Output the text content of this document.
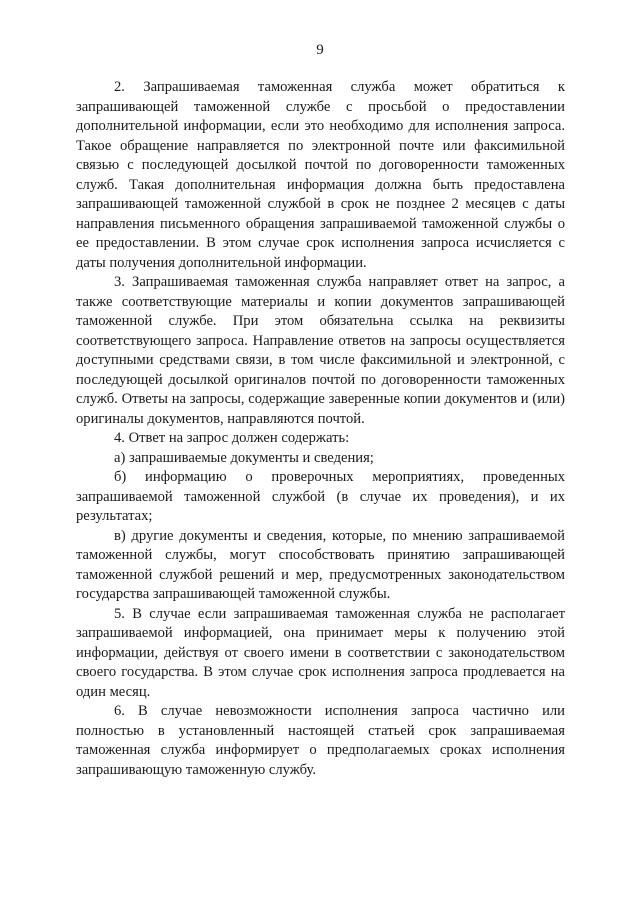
9

2. Запрашиваемая таможенная служба может обратиться к запрашивающей таможенной службе с просьбой о предоставлении дополнительной информации, если это необходимо для исполнения запроса. Такое обращение направляется по электронной почте или факсимильной связью с последующей досылкой почтой по договоренности таможенных служб. Такая дополнительная информация должна быть предоставлена запрашивающей таможенной службой в срок не позднее 2 месяцев с даты направления письменного обращения запрашиваемой таможенной службы о ее предоставлении. В этом случае срок исполнения запроса исчисляется с даты получения дополнительной информации.

3. Запрашиваемая таможенная служба направляет ответ на запрос, а также соответствующие материалы и копии документов запрашивающей таможенной службе. При этом обязательна ссылка на реквизиты соответствующего запроса. Направление ответов на запросы осуществляется доступными средствами связи, в том числе факсимильной и электронной, с последующей досылкой оригиналов почтой по договоренности таможенных служб. Ответы на запросы, содержащие заверенные копии документов и (или) оригиналы документов, направляются почтой.

4. Ответ на запрос должен содержать:

а) запрашиваемые документы и сведения;

б) информацию о проверочных мероприятиях, проведенных запрашиваемой таможенной службой (в случае их проведения), и их результатах;

в) другие документы и сведения, которые, по мнению запрашиваемой таможенной службы, могут способствовать принятию запрашивающей таможенной службой решений и мер, предусмотренных законодательством государства запрашивающей таможенной службы.

5. В случае если запрашиваемая таможенная служба не располагает запрашиваемой информацией, она принимает меры к получению этой информации, действуя от своего имени в соответствии с законодательством своего государства. В этом случае срок исполнения запроса продлевается на один месяц.

6. В случае невозможности исполнения запроса частично или полностью в установленный настоящей статьей срок запрашиваемая таможенная служба информирует о предполагаемых сроках исполнения запрашивающую таможенную службу.
